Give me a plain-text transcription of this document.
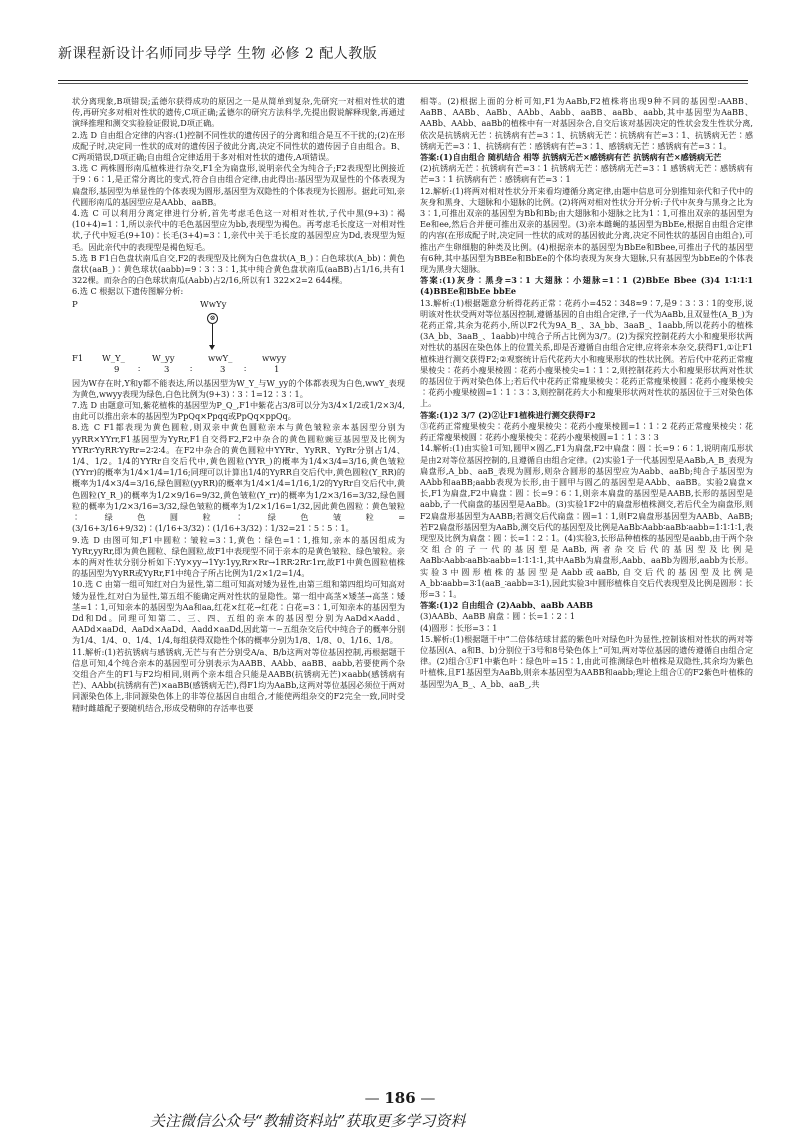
新课程新设计名师同步导学 生物 必修 2 配人教版

状分离现象,B项错误;孟德尔获得成功的原因之一是从简单到复杂,先研究一对相对性状的遗传,再研究多对相对性状的遗传,C项正确;孟德尔的研究方法科学,先提出假说解释现象,再通过演绎推理和测交实验验证假说,D项正确。

2.选 D 自由组合定律的内容:(1)控制不同性状的遗传因子的分离和组合是互不干扰的;(2)在形成配子时,决定同一性状的成对的遗传因子彼此分离,决定不同性状的遗传因子自由组合。B、C两项错误,D项正确;自由组合定律适用于多对相对性状的遗传,A项错误。

3.选 C 两株圆形南瓜植株进行杂交,F1全为扁盘形,说明亲代全为纯合子;F2表现型比例接近于9∶6∶1,是正常分离比的变式,符合自由组合定律,由此得出:基因型为双显性的个体表现为扁盘形,基因型为单显性的个体表现为圆形,基因型为双隐性的个体表现为长圆形。据此可知,亲代圆形南瓜的基因型应是AAbb、aaBB。

4.选 C 可以利用分离定律进行分析,首先考虑毛色这一对相对性状,子代中黑(9+3)∶褐(10+4)≈1∶1,所以亲代中的毛色基因型应为bb,表现型为褐色。再考虑毛长度这一对相对性状,子代中短毛(9+10)∶长毛(3+4)≈3∶1,亲代中关于毛长度的基因型应为Dd,表现型为短毛。因此亲代中的表现型是褐色短毛。

5.选 B F1白色盘状南瓜自交,F2的表现型及比例为白色盘状(A_B_)∶白色球状(A_bb)∶黄色盘状(aaB_)∶黄色球状(aabb)=9∶3∶3∶1,其中纯合黄色盘状南瓜(aaBB)占1/16,共有1 322棵。而杂合的白色球状南瓜(Aabb)占2/16,所以有1 322×2=2 644棵。

6.选 C 根据以下遗传图解分析:

P	WwYy
⊗
F1 W_Y_	W_yy	wwY_	wwyy
9 ∶	3 ∶	3 ∶	1

因为W存在时,Y和y都不能表达,所以基因型为W_Y_与W_yy的个体都表现为白色,wwY_表现为黄色,wwyy表现为绿色,白色比例为(9+3)∶3∶1=12∶3∶1。

7.选 D 由题意可知,紫花植株的基因型为P_Q_,F1中紫花占3/8可以分为3/4×1/2或1/2×3/4,由此可以推出亲本的基因型为PpQq×Ppqq或PpQq×ppQq。

8.选 C F1都表现为黄色圆粒,则双亲中黄色圆粒亲本与黄色皱粒亲本基因型分别为yyRR×YYrr,F1基因型为YyRr,F1自交得F2,F2中杂合的黄色圆粒豌豆基因型及比例为YYRr∶YyRR∶YyRr=2∶2∶4。在F2中杂合的黄色圆粒中YYRr、YyRR、YyRr分别占1/4、1/4、1/2。1/4的YYRr自交后代中,黄色圆粒(YYR_)的概率为1/4×3/4=3/16,黄色皱粒(YYrr)的概率为1/4×1/4=1/16;同理可以计算出1/4的YyRR自交后代中,黄色圆粒(Y_RR)的概率为1/4×3/4=3/16,绿色圆粒(yyRR)的概率为1/4×1/4=1/16,1/2的YyRr自交后代中,黄色圆粒(Y_R_)的概率为1/2×9/16=9/32,黄色皱粒(Y_rr)的概率为1/2×3/16=3/32,绿色圆粒的概率为1/2×3/16=3/32,绿色皱粒的概率为1/2×1/16=1/32,因此黄色圆粒∶黄色皱粒∶绿色圆粒∶绿色皱粒=(3/16+3/16+9/32)∶(1/16+3/32)∶(1/16+3/32)∶1/32=21∶5∶5∶1。

9.选 D 由图可知,F1中圆粒∶皱粒=3∶1,黄色∶绿色=1∶1,推知,亲本的基因组成为YyRr,yyRr,即为黄色圆粒、绿色圆粒,故F1中表现型不同于亲本的是黄色皱粒、绿色皱粒。亲本的两对性状分别分析如下:Yy×yy→1Yy∶1yy,Rr×Rr→1RR∶2Rr∶1rr,故F1中黄色圆粒植株的基因型为YyRR或YyRr,F1中纯合子所占比例为1/2×1/2=1/4。

10.选 C 由第一组可知红对白为显性,第二组可知高对矮为显性,由第三组和第四组均可知高对矮为显性,红对白为显性,第五组不能确定两对性状的显隐性。第一组中高茎×矮茎→高茎∶矮茎=1∶1,可知亲本的基因型为Aa和aa,红花×红花→红花∶白花=3∶1,可知亲本的基因型为Dd和Dd。同理可知第二、三、四、五组的亲本的基因型分别为AaDd×Aadd、AADd×aaDd、AaDd×AaDd、Aadd×aaDd,因此第一~五组杂交后代中纯合子的概率分别为1/4、1/4、0、1/4、1/4,每组获得双隐性个体的概率分别为1/8、1/8、0、1/16、1/8。

11.解析:(1)若抗锈病与感锈病,无芒与有芒分别受A/a、B/b这两对等位基因控制,再根据题干信息可知,4个纯合亲本的基因型可分别表示为AABB、AAbb、aaBB、aabb,若要使两个杂交组合产生的F1与F2均相同,则两个亲本组合只能是AABB(抗锈病无芒)×aabb(感锈病有芒)、AAbb(抗锈病有芒)×aaBB(感锈病无芒),得F1均为AaBb,这两对等位基因必须位于两对同源染色体上,非同源染色体上的非等位基因自由组合,才能使两组杂交的F2完全一致,同时受精时雌雄配子要随机结合,形成受精卵的存活率也要

相等。(2)根据上面的分析可知,F1为AaBb,F2植株将出现9种不同的基因型:AABB、AaBB、AABb、AaBb、AAbb、Aabb、aaBB、aaBb、aabb,其中基因型为AaBB、AABb、AAbb、aaBb的植株中有一对基因杂合,自交后该对基因决定的性状会发生性状分离,依次是抗锈病无芒∶抗锈病有芒=3∶1、抗锈病无芒∶抗锈病有芒=3∶1、抗锈病无芒∶感锈病无芒=3∶1、抗锈病有芒∶感锈病有芒=3∶1、感锈病无芒∶感锈病有芒=3∶1。

答案:(1)自由组合 随机结合 相等 抗锈病无芒×感锈病有芒 抗锈病有芒×感锈病无芒

(2)抗锈病无芒∶抗锈病有芒=3∶1 抗锈病无芒∶感锈病无芒=3∶1 感锈病无芒∶感锈病有芒=3∶1 抗锈病有芒∶感锈病有芒=3∶1

12.解析:(1)将两对相对性状分开来看均遵循分离定律,由题中信息可分别推知亲代和子代中的灰身和黑身、大翅脉和小翅脉的比例。(2)将两对相对性状分开分析:子代中灰身与黑身之比为3∶1,可推出双亲的基因型为Bb和Bb;由大翅脉和小翅脉之比为1∶1,可推出双亲的基因型为Ee和ee,然后合并便可推出双亲的基因型。(3)亲本雌蝇的基因型为BbEe,根据自由组合定律的内容(在形成配子时,决定同一性状的成对的基因彼此分离,决定不同性状的基因自由组合),可推出产生卵细胞的种类及比例。(4)根据亲本的基因型为BbEe和Bbee,可推出子代的基因型有6种,其中基因型为BBEe和BbEe的个体均表现为灰身大翅脉,只有基因型为bbEe的个体表现为黑身大翅脉。

答案:(1)灰身∶黑身=3∶1 大翅脉∶小翅脉=1∶1 (2)BbEe Bbee (3)4 1∶1∶1∶1 (4)BBEe和BbEe bbEe

13.解析:(1)根据题意分析得花药正常∶花药小=452∶348≈9∶7,是9∶3∶3∶1的变形,说明该对性状受两对等位基因控制,遵循基因的自由组合定律,子一代为AaBb,且双显性(A_B_)为花药正常,其余为花药小,所以F2代为9A_B_、3A_bb、3aaB_、1aabb,所以花药小的植株(3A_bb、3aaB_、1aabb)中纯合子所占比例为3/7。(2)为探究控制花药大小和瘦果形状两对性状的基因在染色体上的位置关系,即是否遵循自由组合定律,应将亲本杂交,获得F1,①让F1植株进行测交获得F2;②观察统计后代花药大小和瘦果形状的性状比例。若后代中花药正常瘦果棱尖∶花药小瘦果棱圆∶花药小瘦果棱尖=1∶1∶2,则控制花药大小和瘦果形状两对性状的基因位于两对染色体上;若后代中花药正常瘦果棱尖∶花药正常瘦果棱圆∶花药小瘦果棱尖∶花药小瘦果棱圆=1∶1∶3∶3,则控制花药大小和瘦果形状两对性状的基因位于三对染色体上。

答案:(1)2 3/7 (2)②让F1植株进行测交获得F2

③花药正常瘦果棱尖∶花药小瘦果棱尖∶花药小瘦果棱圆=1∶1∶2 花药正常瘦果棱尖∶花药正常瘦果棱圆∶花药小瘦果棱尖∶花药小瘦果棱圆=1∶1∶3∶3

14.解析:(1)由实验1可知,圆甲×圆乙,F1为扁盘,F2中扁盘∶圆∶长=9∶6∶1,说明南瓜形状是由2对等位基因控制的,且遵循自由组合定律。(2)实验1子一代基因型是AaBb,A_B_表现为扁盘形,A_bb、aaB_表现为圆形,则杂合圆形的基因型应为Aabb、aaBb;纯合子基因型为AAbb和aaBB;aabb表现为长形,由于圆甲与圆乙的基因型是AAbb、aaBB。实验2扁盘×长,F1为扁盘,F2中扁盘∶圆∶长=9∶6∶1,则亲本扁盘的基因型是AABB,长形的基因型是aabb,子一代扁盘的基因型是AaBb。(3)实验1F2中的扁盘形植株测交,若后代全为扁盘形,则F2扁盘形基因型为AABB;若测交后代扁盘∶圆=1∶1,则F2扁盘形基因型为AABb、AaBB;若F2扁盘形基因型为AaBb,测交后代的基因型及比例是AaBb∶Aabb∶aaBb∶aabb=1∶1∶1∶1,表现型及比例为扁盘∶圆∶长=1∶2∶1。(4)实验3,长形品种植株的基因型是aabb,由于两个杂交组合的子一代的基因型是AaBb,两者杂交后代的基因型及比例是AaBb∶Aabb∶aaBb∶aabb=1∶1∶1∶1,其中AaBb为扁盘形,Aabb、aaBb为圆形,aabb为长形。实验3中圆形植株的基因型是Aabb或aaBb,自交后代的基因型及比例是A_bb∶aabb=3∶1(aaB_∶aabb=3∶1),因此实验3中圆形植株自交后代表现型及比例是圆形∶长形=3∶1。

答案:(1)2 自由组合 (2)Aabb、aaBb AABB

(3)AABb、AaBB 扁盘∶圆∶长=1∶2∶1

(4)圆形∶长形=3∶1

15.解析:(1)根据题干中“二倍体结球甘蓝的紫色叶对绿色叶为显性,控制该相对性状的两对等位基因(A、a和B、b)分别位于3号和8号染色体上”可知,两对等位基因的遗传遵循自由组合定律。(2)组合①F1中紫色叶∶绿色叶=15∶1,由此可推测绿色叶植株是双隐性,其余均为紫色叶植株,且F1基因型为AaBb,则亲本基因型为AABB和aabb;理论上组合①的F2紫色叶植株的基因型为A_B_、A_bb、aaB_,共

— 186 —
关注微信公众号“教辅资料站”获取更多学习资料
